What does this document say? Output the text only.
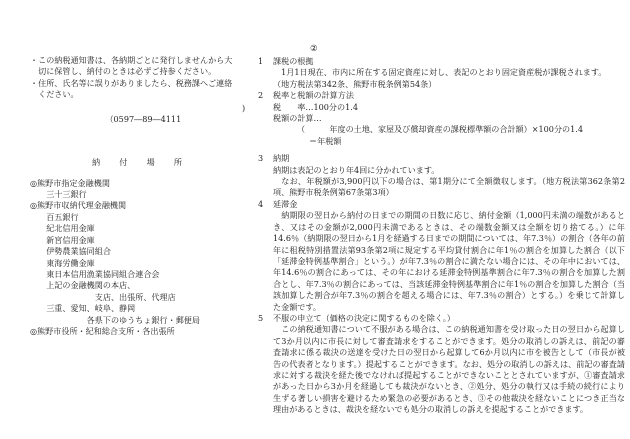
②
・この納税通知書は、各納期ごとに発行しませんから大
　切に保管し、納付のときは必ずご持参ください。
・住所、氏名等に誤りがありましたら、税務課へご連絡
　ください。

（0597―89―4111

)

納　　付　　場　　所
◎熊野市指定金融機関
　　三十三銀行
◎熊野市収納代理金融機関
　　百五銀行
　　紀北信用金庫
　　新宮信用金庫
　　伊勢農業協同組合
　　東海労働金庫
　　東日本信用漁業協同組合連合会
　　上記の金融機関の本店、
　　　　　　　　支店、出張所、代理店
　　三重、愛知、岐阜、静岡
　　　　　　　各県下のゆうちょ銀行・郵便局
◎熊野市役所・紀和総合支所・各出張所
1 課税の根拠
　1月1日現在、市内に所在する固定資産に対し、表記のとおり固定資産税が課税されます。
（地方税法第342条、熊野市税条例第54条）
2 税率と税額の計算方法
税　　率…100分の1.4
税額の計算…
（　　　年度の土地、家屋及び償却資産の課税標準額の合計額）×100分の1.4
＝年税額
3 納期
納期は表記のとおり年4回に分かれています。

　なお、年税額が3,900円以下の場合は、第1期分にて全額徴収します。（地方税法第362条第2項、熊野市税条例第67条第3項）

4 延滞金

　納期限の翌日から納付の日までの期間の日数に応じ、納付金額（1,000円未満の端数があるとき、又はその金額が2,000円未満であるときは、その端数金額又は全額を切り捨てる。）に年14.6％（納期限の翌日から1月を経過する日までの期間については、年7.3％）の割合（各年の前年に租税特別措置法第93条第2項に規定する平均貸付割合に年1％の割合を加算した割合（以下「延滞金特例基準割合」という。）が年7.3％の割合に満たない場合には、その年中においては、年14.6％の割合にあっては、その年における延滞金特例基準割合に年7.3％の割合を加算した割合とし、年7.3％の割合にあっては、当該延滞金特例基準割合に年1％の割合を加算した割合（当該加算した割合が年7.3％の割合を超える場合には、年7.3％の割合）とする。）を乗じて計算した金額です。

5 不服の申立て（価格の決定に関するものを除く。）

　この納税通知書について不服がある場合は、この納税通知書を受け取った日の翌日から起算して3か月以内に市長に対して審査請求をすることができます。処分の取消しの訴えは、前記の審査請求に係る裁決の送達を受けた日の翌日から起算して6か月以内に市を被告として（市長が被告の代表者となります。）提起することができます。なお、処分の取消しの訴えは、前記の審査請求に対する裁決を経た後でなければ提起することができないこととされていますが、①審査請求があった日から3か月を経過しても裁決がないとき、②処分、処分の執行又は手続の続行により生ずる著しい損害を避けるため緊急の必要があるとき、③その他裁決を経ないことにつき正当な理由があるときは、裁決を経ないでも処分の取消しの訴えを提起することができます。
